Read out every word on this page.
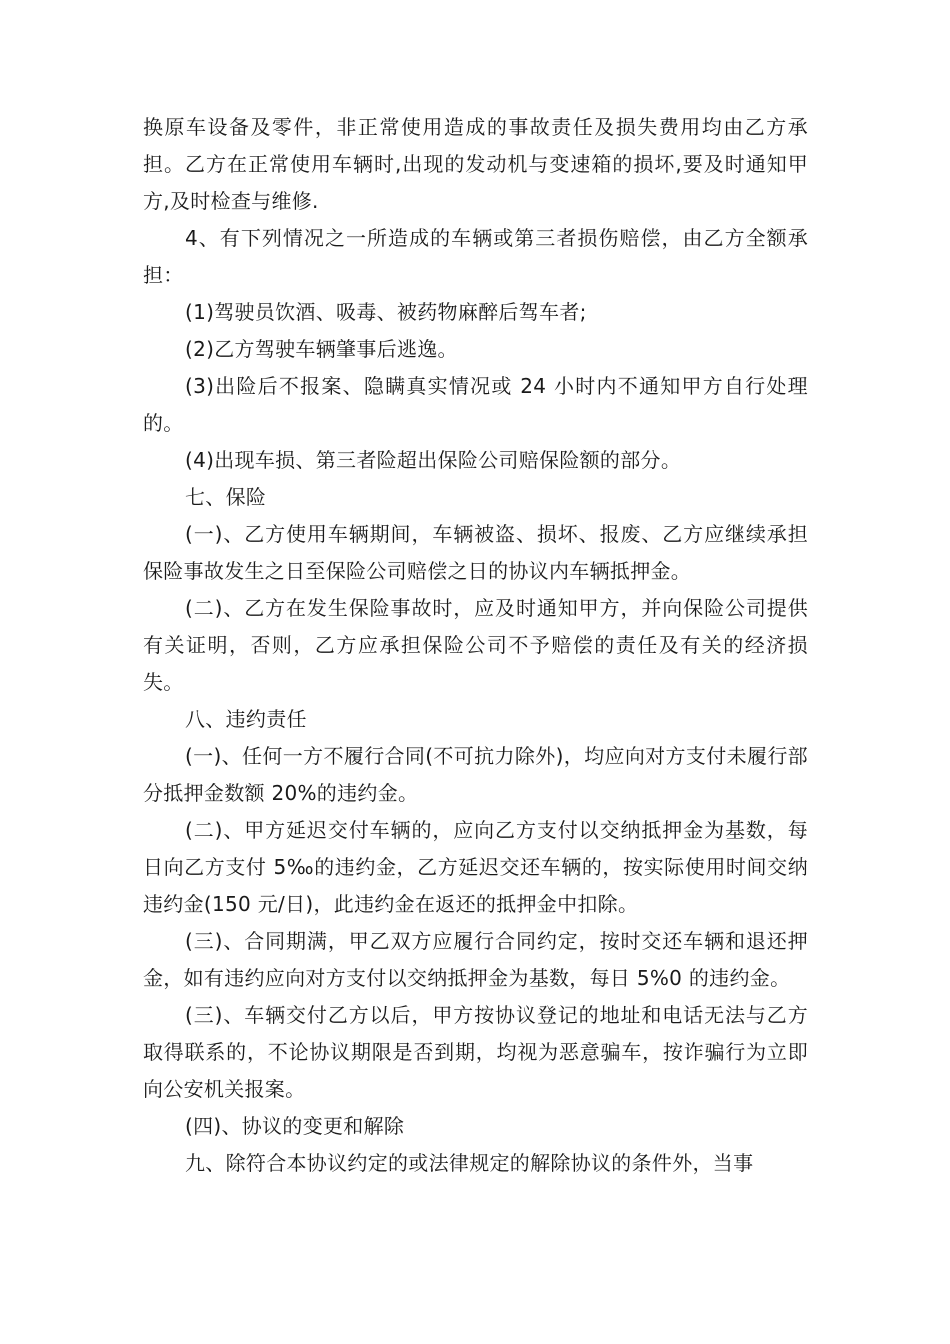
换原车设备及零件，非正常使用造成的事故责任及损失费用均由乙方承担。乙方在正常使用车辆时,出现的发动机与变速箱的损坏,要及时通知甲方,及时检查与维修.

4、有下列情况之一所造成的车辆或第三者损伤赔偿，由乙方全额承担：

(1)驾驶员饮酒、吸毒、被药物麻醉后驾车者;

(2)乙方驾驶车辆肇事后逃逸。

(3)出险后不报案、隐瞒真实情况或 24 小时内不通知甲方自行处理的。

(4)出现车损、第三者险超出保险公司赔保险额的部分。

七、保险

(一)、乙方使用车辆期间，车辆被盗、损坏、报废、乙方应继续承担保险事故发生之日至保险公司赔偿之日的协议内车辆抵押金。

(二)、乙方在发生保险事故时，应及时通知甲方，并向保险公司提供有关证明，否则，乙方应承担保险公司不予赔偿的责任及有关的经济损失。

八、违约责任

(一)、任何一方不履行合同(不可抗力除外)，均应向对方支付未履行部分抵押金数额 20%的违约金。

(二)、甲方延迟交付车辆的，应向乙方支付以交纳抵押金为基数，每日向乙方支付 5‰的违约金，乙方延迟交还车辆的，按实际使用时间交纳违约金(150 元/日)，此违约金在返还的抵押金中扣除。

(三)、合同期满，甲乙双方应履行合同约定，按时交还车辆和退还押金，如有违约应向对方支付以交纳抵押金为基数，每日 5%0 的违约金。

(三)、车辆交付乙方以后，甲方按协议登记的地址和电话无法与乙方取得联系的，不论协议期限是否到期，均视为恶意骗车，按诈骗行为立即向公安机关报案。

(四)、协议的变更和解除

九、除符合本协议约定的或法律规定的解除协议的条件外，当事
